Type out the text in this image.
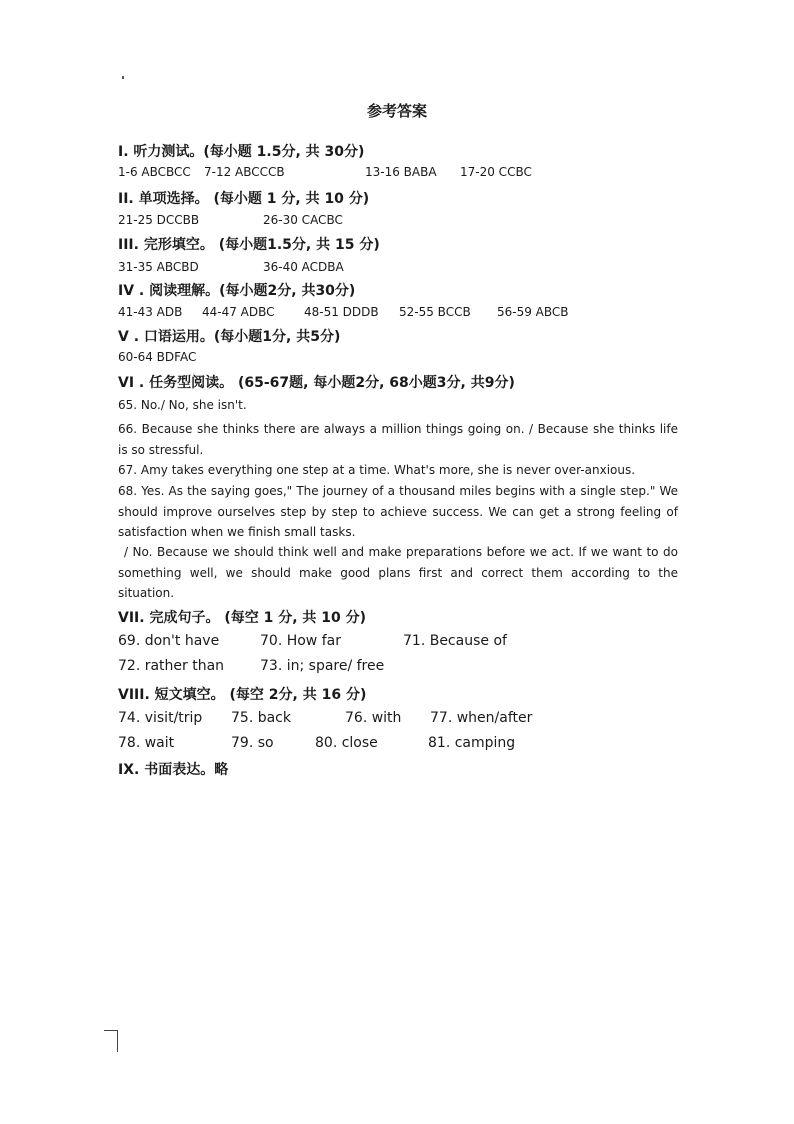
参考答案
I. 听力测试。(每小题 1.5分, 共 30分)
1-6 ABCBCC 7-12 ABCCCB	13-16 BABA 17-20 CCBC
II. 单项选择。 (每小题 1 分, 共 10 分)
21-25 DCCBB	26-30 CACBC
III. 完形填空。 (每小题1.5分, 共 15 分)
31-35 ABCBD	36-40 ACDBA
IV . 阅读理解。(每小题2分, 共30分)
41-43 ADB 44-47 ADBC 48-51 DDDB 52-55 BCCB 56-59 ABCB
V . 口语运用。(每小题1分, 共5分)
60-64 BDFAC
VI . 任务型阅读。 (65-67题, 每小题2分, 68小题3分, 共9分)
65. No./ No, she isn't.
66. Because she thinks there are always a million things going on. / Because she thinks life is so stressful.
67. Amy takes everything one step at a time. What's more, she is never over-anxious.
68. Yes. As the saying goes," The journey of a thousand miles begins with a single step." We should improve ourselves step by step to achieve success. We can get a strong feeling of satisfaction when we finish small tasks.
/ No. Because we should think well and make preparations before we act. If we want to do something well, we should make good plans first and correct them according to the situation.
VII. 完成句子。 (每空 1 分, 共 10 分)
69. don't have	70. How far	71. Because of
72. rather than	73. in; spare/ free
VIII. 短文填空。 (每空 2分, 共 16 分)
74. visit/trip 75. back	76. with 77. when/after
78. wait	79. so	80. close	81. camping
IX. 书面表达。略
